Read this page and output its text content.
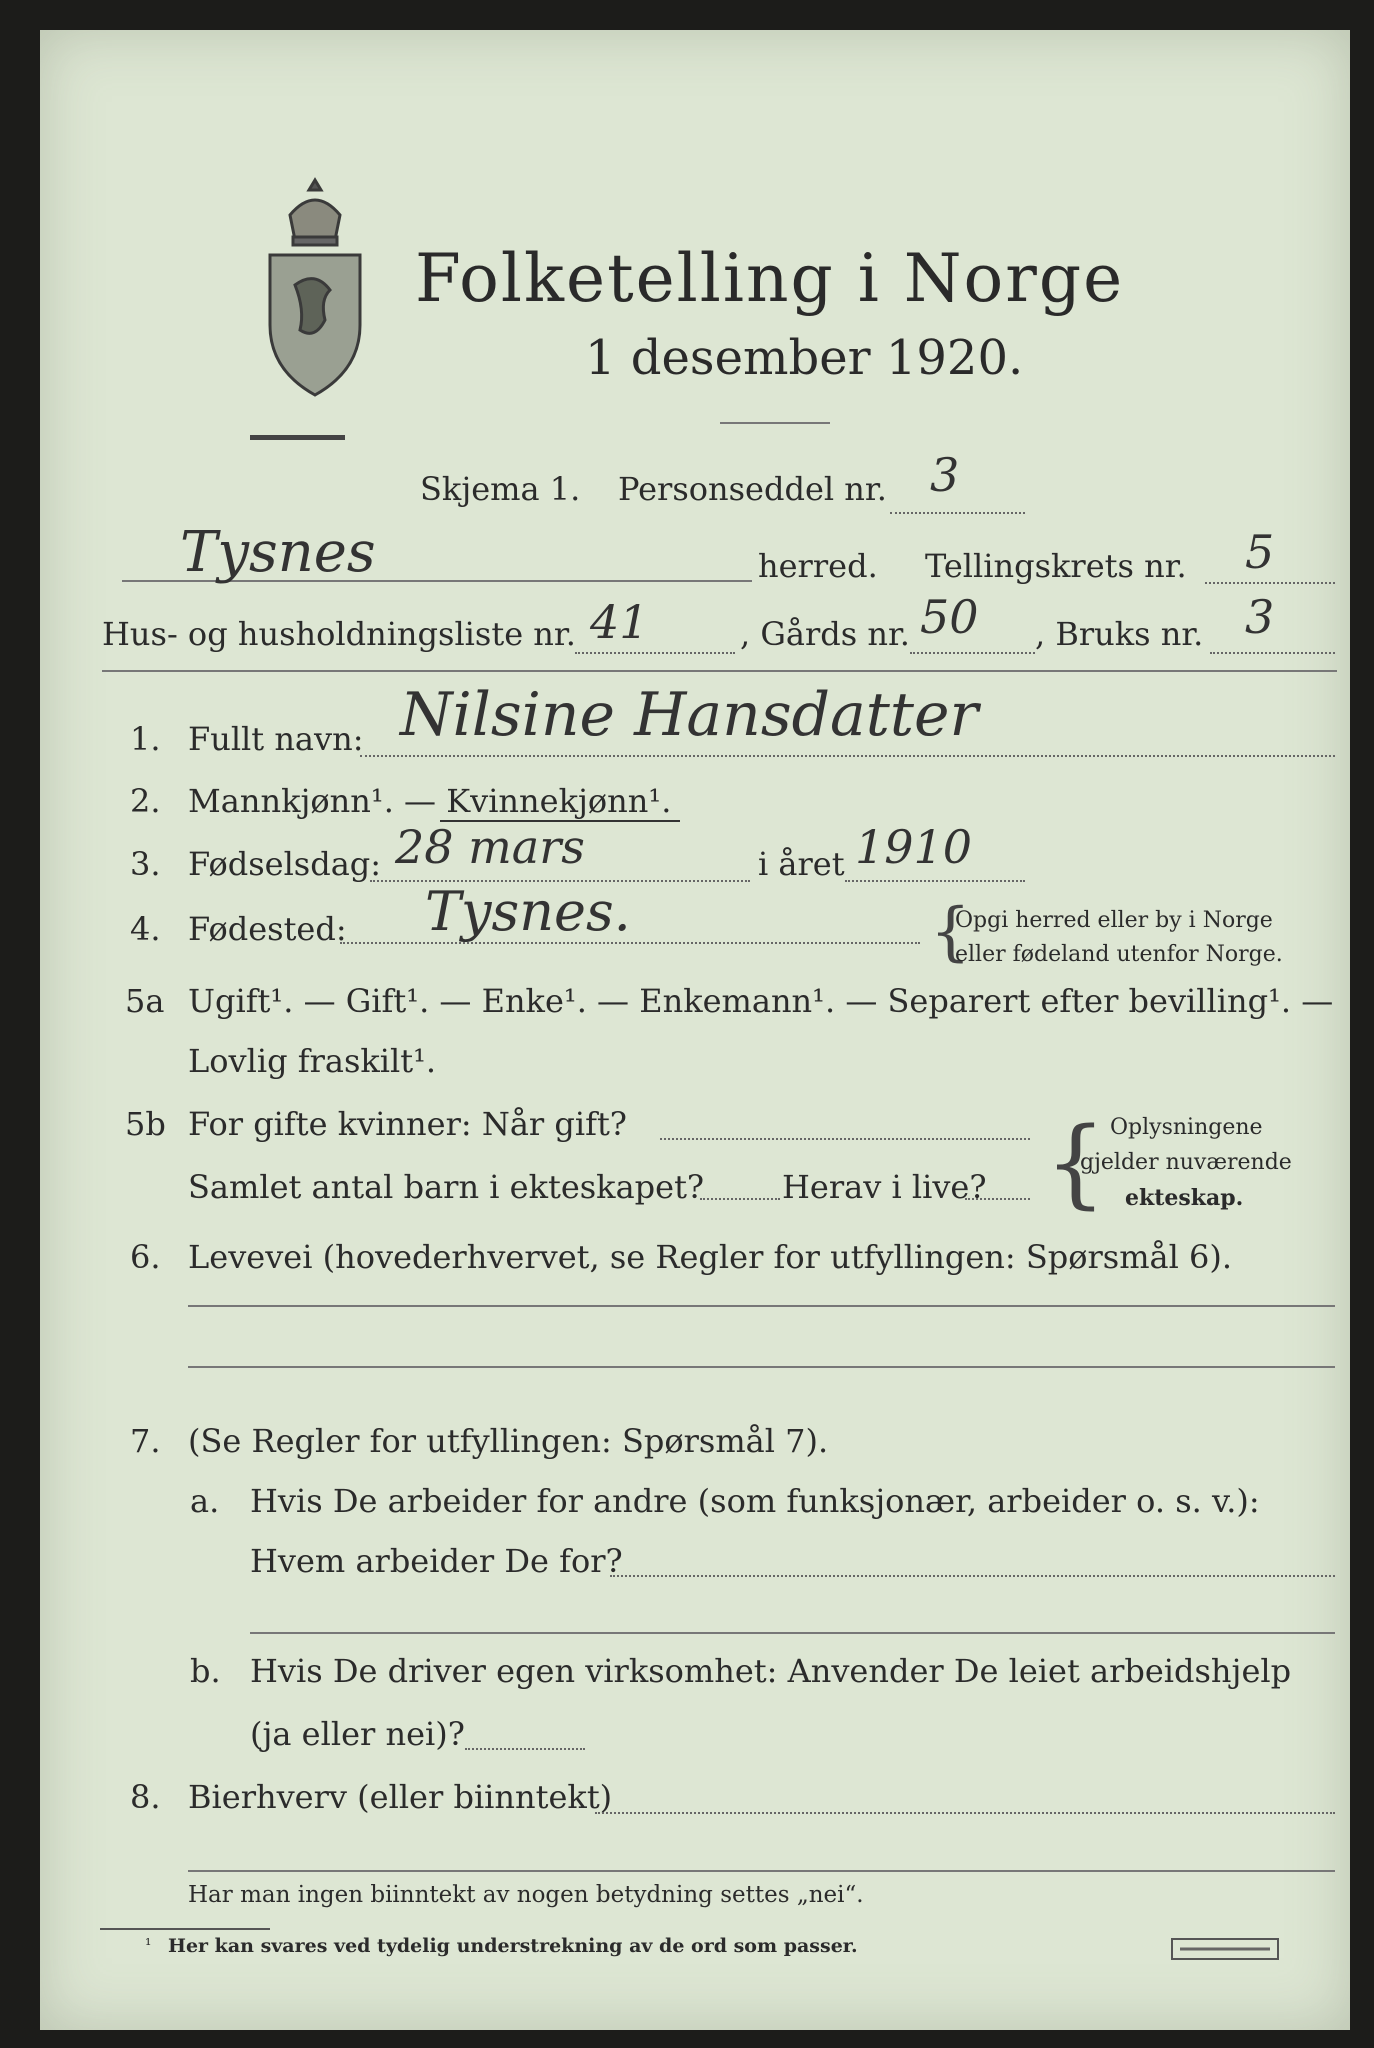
Folketelling i Norge
1 desember 1920.
Skjema 1. Personseddel nr. 3
Tysnes	herred. Tellingskrets nr. 5
Hus- og husholdningsliste nr. 41	, Gårds nr. 50 , Bruks nr. 3
1. Fullt navn: Nilsine Hansdatter
2. Mannkjønn¹. — Kvinnekjønn¹.
3. Fødselsdag: 28 mars	i året 1910
4. Fødested: Tysnes.	{
Opgi herred eller by i Norge
eller fødeland utenfor Norge.
5a Ugift¹. — Gift¹. — Enke¹. — Enkemann¹. — Separert efter bevilling¹. —
Lovlig fraskilt¹.
5b For gifte kvinner: Når gift?
Samlet antal barn i ekteskapet? Herav i live? { Oplysningene
gjelder nuværende
ekteskap.
6. Levevei (hovederhvervet, se Regler for utfyllingen: Spørsmål 6).
7. (Se Regler for utfyllingen: Spørsmål 7).
a. Hvis De arbeider for andre (som funksjonær, arbeider o. s. v.):
Hvem arbeider De for?
b. Hvis De driver egen virksomhet: Anvender De leiet arbeidshjelp
(ja eller nei)?
8. Bierhverv (eller biinntekt)
Har man ingen biinntekt av nogen betydning settes „nei“.
¹ Her kan svares ved tydelig understrekning av de ord som passer.
